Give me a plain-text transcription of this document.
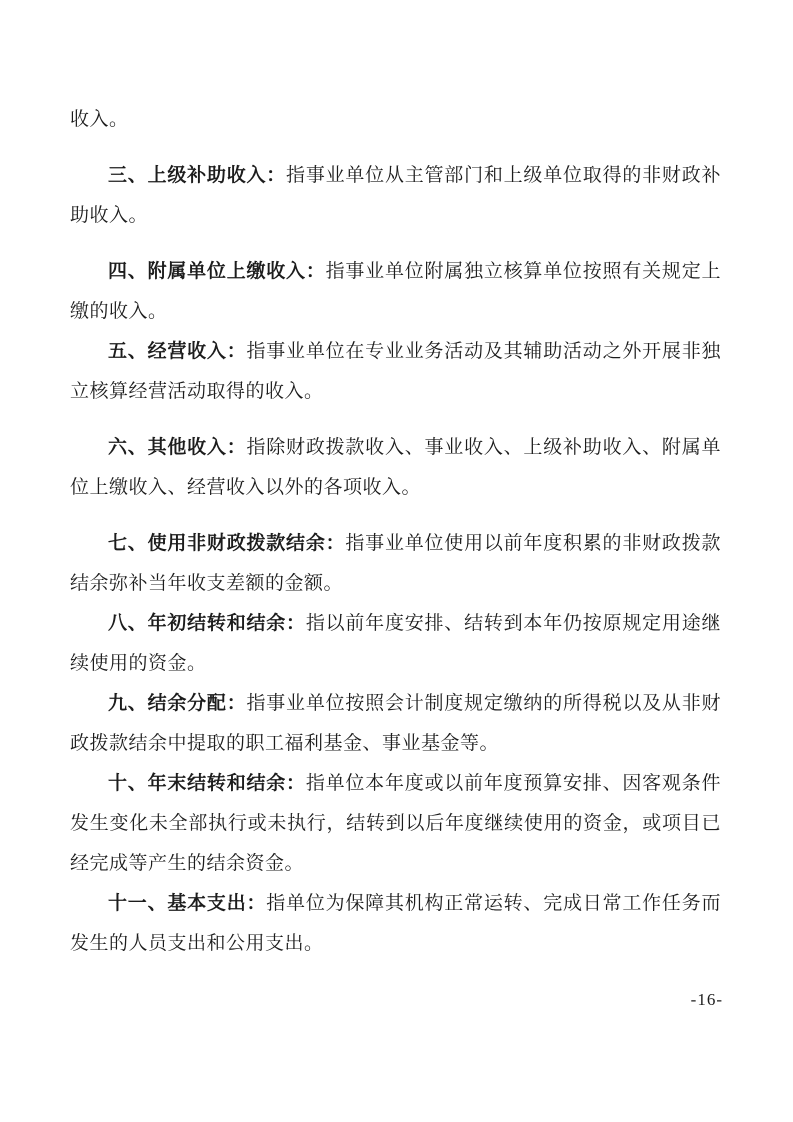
收入。

三、上级补助收入：指事业单位从主管部门和上级单位取得的非财政补助收入。

四、附属单位上缴收入：指事业单位附属独立核算单位按照有关规定上缴的收入。

五、经营收入：指事业单位在专业业务活动及其辅助活动之外开展非独立核算经营活动取得的收入。

六、其他收入：指除财政拨款收入、事业收入、上级补助收入、附属单位上缴收入、经营收入以外的各项收入。

七、使用非财政拨款结余：指事业单位使用以前年度积累的非财政拨款结余弥补当年收支差额的金额。

八、年初结转和结余：指以前年度安排、结转到本年仍按原规定用途继续使用的资金。

九、结余分配：指事业单位按照会计制度规定缴纳的所得税以及从非财政拨款结余中提取的职工福利基金、事业基金等。

十、年末结转和结余：指单位本年度或以前年度预算安排、因客观条件发生变化未全部执行或未执行，结转到以后年度继续使用的资金，或项目已经完成等产生的结余资金。

十一、基本支出：指单位为保障其机构正常运转、完成日常工作任务而发生的人员支出和公用支出。

-16-
